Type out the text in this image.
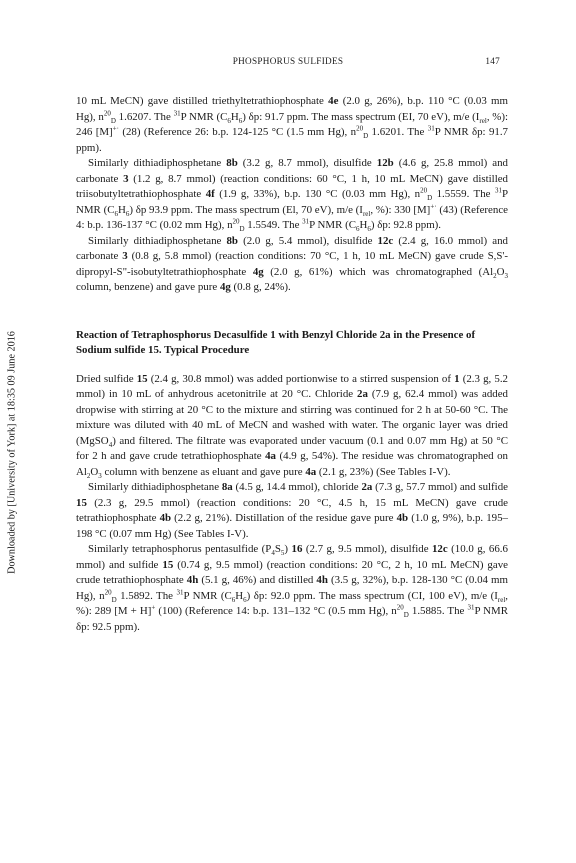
PHOSPHORUS SULFIDES	147
Downloaded by [University of York] at 18:35 09 June 2016

10 mL MeCN) gave distilled triethyltetrathiophosphate 4e (2.0 g, 26%), b.p. 110 °C (0.03 mm Hg), $n^{20}_D$ 1.6207. The $^{31}$P NMR $(C_6H_6)$ δp: 91.7 ppm. The mass spectrum (EI, 70 eV), m/e ($I_{rel}$, %): 246 [M]+· (28) (Reference 26: b.p. 124-125 °C (1.5 mm Hg), $n^{20}_D$ 1.6201. The $^{31}$P NMR δp: 91.7 ppm).

Similarly dithiadiphosphetane 8b (3.2 g, 8.7 mmol), disulfide 12b (4.6 g, 25.8 mmol) and carbonate 3 (1.2 g, 8.7 mmol) (reaction conditions: 60 °C, 1 h, 10 mL MeCN) gave distilled triisobutyltetrathiophosphate 4f (1.9 g, 33%), b.p. 130 °C (0.03 mm Hg), $n^{20}_D$ 1.5559. The $^{31}$P NMR $(C_6H_6)$ δp 93.9 ppm. The mass spectrum (El, 70 eV), m/e ($I_{rel}$, %): 330 [M]+· (43) (Reference 4: b.p. 136-137 °C (0.02 mm Hg), $n^{20}_D$ 1.5549. The $^{31}$P NMR $(C_6H_6)$ δp: 92.8 ppm).

Similarly dithiadiphosphetane 8b (2.0 g, 5.4 mmol), disulfide 12c (2.4 g, 16.0 mmol) and carbonate 3 (0.8 g, 5.8 mmol) (reaction conditions: 70 °C, 1 h, 10 mL MeCN) gave crude S,S'-dipropyl-S"-isobutyltetrathiophosphate 4g (2.0 g, 61%) which was chromatographed ($Al_2O_3$ column, benzene) and gave pure 4g (0.8 g, 24%).

Reaction of Tetraphosphorus Decasulfide 1 with Benzyl Chloride 2a in the Presence of Sodium sulfide 15. Typical Procedure

Dried sulfide 15 (2.4 g, 30.8 mmol) was added portionwise to a stirred suspension of 1 (2.3 g, 5.2 mmol) in 10 mL of anhydrous acetonitrile at 20 °C. Chloride 2a (7.9 g, 62.4 mmol) was added dropwise with stirring at 20 °C to the mixture and stirring was continued for 2 h at 50-60 °C. The mixture was diluted with 40 mL of MeCN and washed with water. The organic layer was dried (MgSO$_4$) and filtered. The filtrate was evaporated under vacuum (0.1 and 0.07 mm Hg) at 50 °C for 2 h and gave crude tetrathiophosphate 4a (4.9 g, 54%). The residue was chromatographed on $Al_2O_3$ column with benzene as eluant and gave pure 4a (2.1 g, 23%) (See Tables I-V).

Similarly dithiadiphosphetane 8a (4.5 g, 14.4 mmol), chloride 2a (7.3 g, 57.7 mmol) and sulfide 15 (2.3 g, 29.5 mmol) (reaction conditions: 20 °C, 4.5 h, 15 mL MeCN) gave crude tetrathiophosphate 4b (2.2 g, 21%). Distillation of the residue gave pure 4b (1.0 g, 9%), b.p. 195–198 °C (0.07 mm Hg) (See Tables I-V).

Similarly tetraphosphorus pentasulfide $(P_4S_5)$ 16 (2.7 g, 9.5 mmol), disulfide 12c (10.0 g, 66.6 mmol) and sulfide 15 (0.74 g, 9.5 mmol) (reaction conditions: 20 °C, 2 h, 10 mL MeCN) gave crude tetrathiophosphate 4h (5.1 g, 46%) and distilled 4h (3.5 g, 32%), b.p. 128-130 °C (0.04 mm Hg), $n^{20}_D$ 1.5892. The $^{31}$P NMR $(C_6H_6)$ δp: 92.0 ppm. The mass spectrum (CI, 100 eV), m/e ($I_{rel}$, %): 289 [M + H]+ (100) (Reference 14: b.p. 131–132 °C (0.5 mm Hg), $n^{20}_D$ 1.5885. The $^{31}$P NMR δp: 92.5 ppm).
